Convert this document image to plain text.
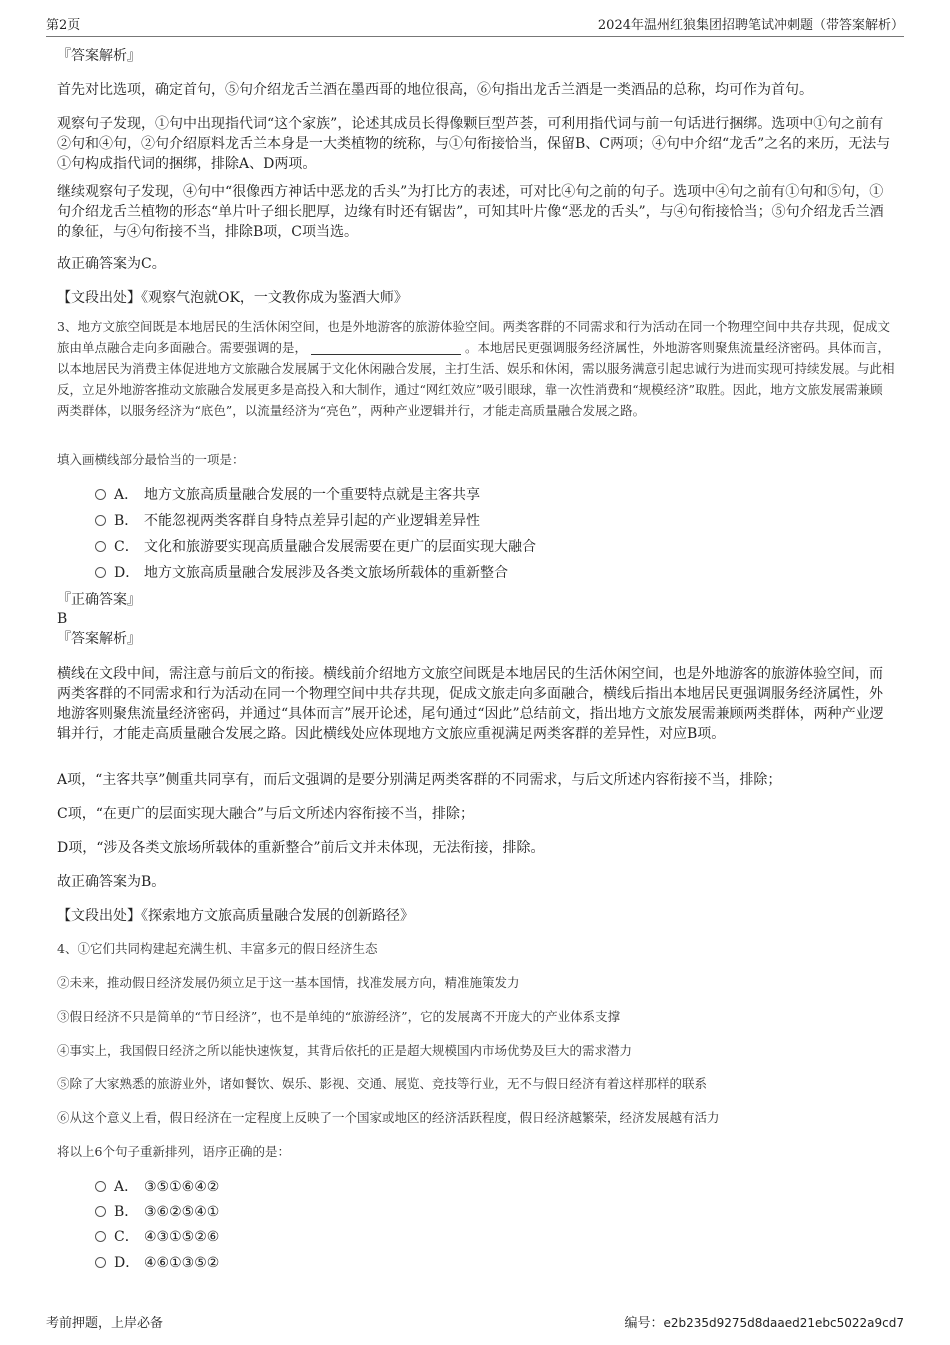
第2页	2024年温州红狼集团招聘笔试冲刺题（带答案解析）

『答案解析』

首先对比选项，确定首句，⑤句介绍龙舌兰酒在墨西哥的地位很高，⑥句指出龙舌兰酒是一类酒品的总称，均可作为首句。

观察句子发现，①句中出现指代词“这个家族”，论述其成员长得像颗巨型芦荟，可利用指代词与前一句话进行捆绑。选项中①句之前有②句和④句，②句介绍原料龙舌兰本身是一大类植物的统称，与①句衔接恰当，保留B、C两项；④句中介绍“龙舌”之名的来历，无法与①句构成指代词的捆绑，排除A、D两项。

继续观察句子发现，④句中“很像西方神话中恶龙的舌头”为打比方的表述，可对比④句之前的句子。选项中④句之前有①句和⑤句，①句介绍龙舌兰植物的形态“单片叶子细长肥厚，边缘有时还有锯齿”，可知其叶片像“恶龙的舌头”，与④句衔接恰当；⑤句介绍龙舌兰酒的象征，与④句衔接不当，排除B项，C项当选。

故正确答案为C。

【文段出处】《观察气泡就OK，一文教你成为鉴酒大师》

3、地方文旅空间既是本地居民的生活休闲空间，也是外地游客的旅游体验空间。两类客群的不同需求和行为活动在同一个物理空间中共存共现，促成文旅由单点融合走向多面融合。需要强调的是，	。本地居民更强调服务经济属性，外地游客则聚焦流量经济密码。具体而言，以本地居民为消费主体促进地方文旅融合发展属于文化休闲融合发展，主打生活、娱乐和休闲，需以服务满意引起忠诚行为进而实现可持续发展。与此相反，立足外地游客推动文旅融合发展更多是高投入和大制作，通过“网红效应”吸引眼球，靠一次性消费和“规模经济”取胜。因此，地方文旅发展需兼顾两类群体，以服务经济为“底色”，以流量经济为“亮色”，两种产业逻辑并行，才能走高质量融合发展之路。

填入画横线部分最恰当的一项是：

A． 地方文旅高质量融合发展的一个重要特点就是主客共享
B． 不能忽视两类客群自身特点差异引起的产业逻辑差异性
C． 文化和旅游要实现高质量融合发展需要在更广的层面实现大融合
D． 地方文旅高质量融合发展涉及各类文旅场所载体的重新整合

『正确答案』

B

『答案解析』

横线在文段中间，需注意与前后文的衔接。横线前介绍地方文旅空间既是本地居民的生活休闲空间，也是外地游客的旅游体验空间，而两类客群的不同需求和行为活动在同一个物理空间中共存共现，促成文旅走向多面融合，横线后指出本地居民更强调服务经济属性，外地游客则聚焦流量经济密码，并通过“具体而言”展开论述，尾句通过“因此”总结前文，指出地方文旅发展需兼顾两类群体，两种产业逻辑并行，才能走高质量融合发展之路。因此横线处应体现地方文旅应重视满足两类客群的差异性，对应B项。

A项，“主客共享”侧重共同享有，而后文强调的是要分别满足两类客群的不同需求，与后文所述内容衔接不当，排除；

C项，“在更广的层面实现大融合”与后文所述内容衔接不当，排除；

D项，“涉及各类文旅场所载体的重新整合”前后文并未体现，无法衔接，排除。

故正确答案为B。

【文段出处】《探索地方文旅高质量融合发展的创新路径》

4、①它们共同构建起充满生机、丰富多元的假日经济生态

②未来，推动假日经济发展仍须立足于这一基本国情，找准发展方向，精准施策发力

③假日经济不只是简单的“节日经济”，也不是单纯的“旅游经济”，它的发展离不开庞大的产业体系支撑

④事实上，我国假日经济之所以能快速恢复，其背后依托的正是超大规模国内市场优势及巨大的需求潜力

⑤除了大家熟悉的旅游业外，诸如餐饮、娱乐、影视、交通、展览、竞技等行业，无不与假日经济有着这样那样的联系

⑥从这个意义上看，假日经济在一定程度上反映了一个国家或地区的经济活跃程度，假日经济越繁荣，经济发展越有活力

将以上6个句子重新排列，语序正确的是：

A． ③⑤①⑥④②
B． ③⑥②⑤④①
C． ④③①⑤②⑥
D． ④⑥①③⑤②
考前押题，上岸必备	编号：e2b235d9275d8daaed21ebc5022a9cd7
